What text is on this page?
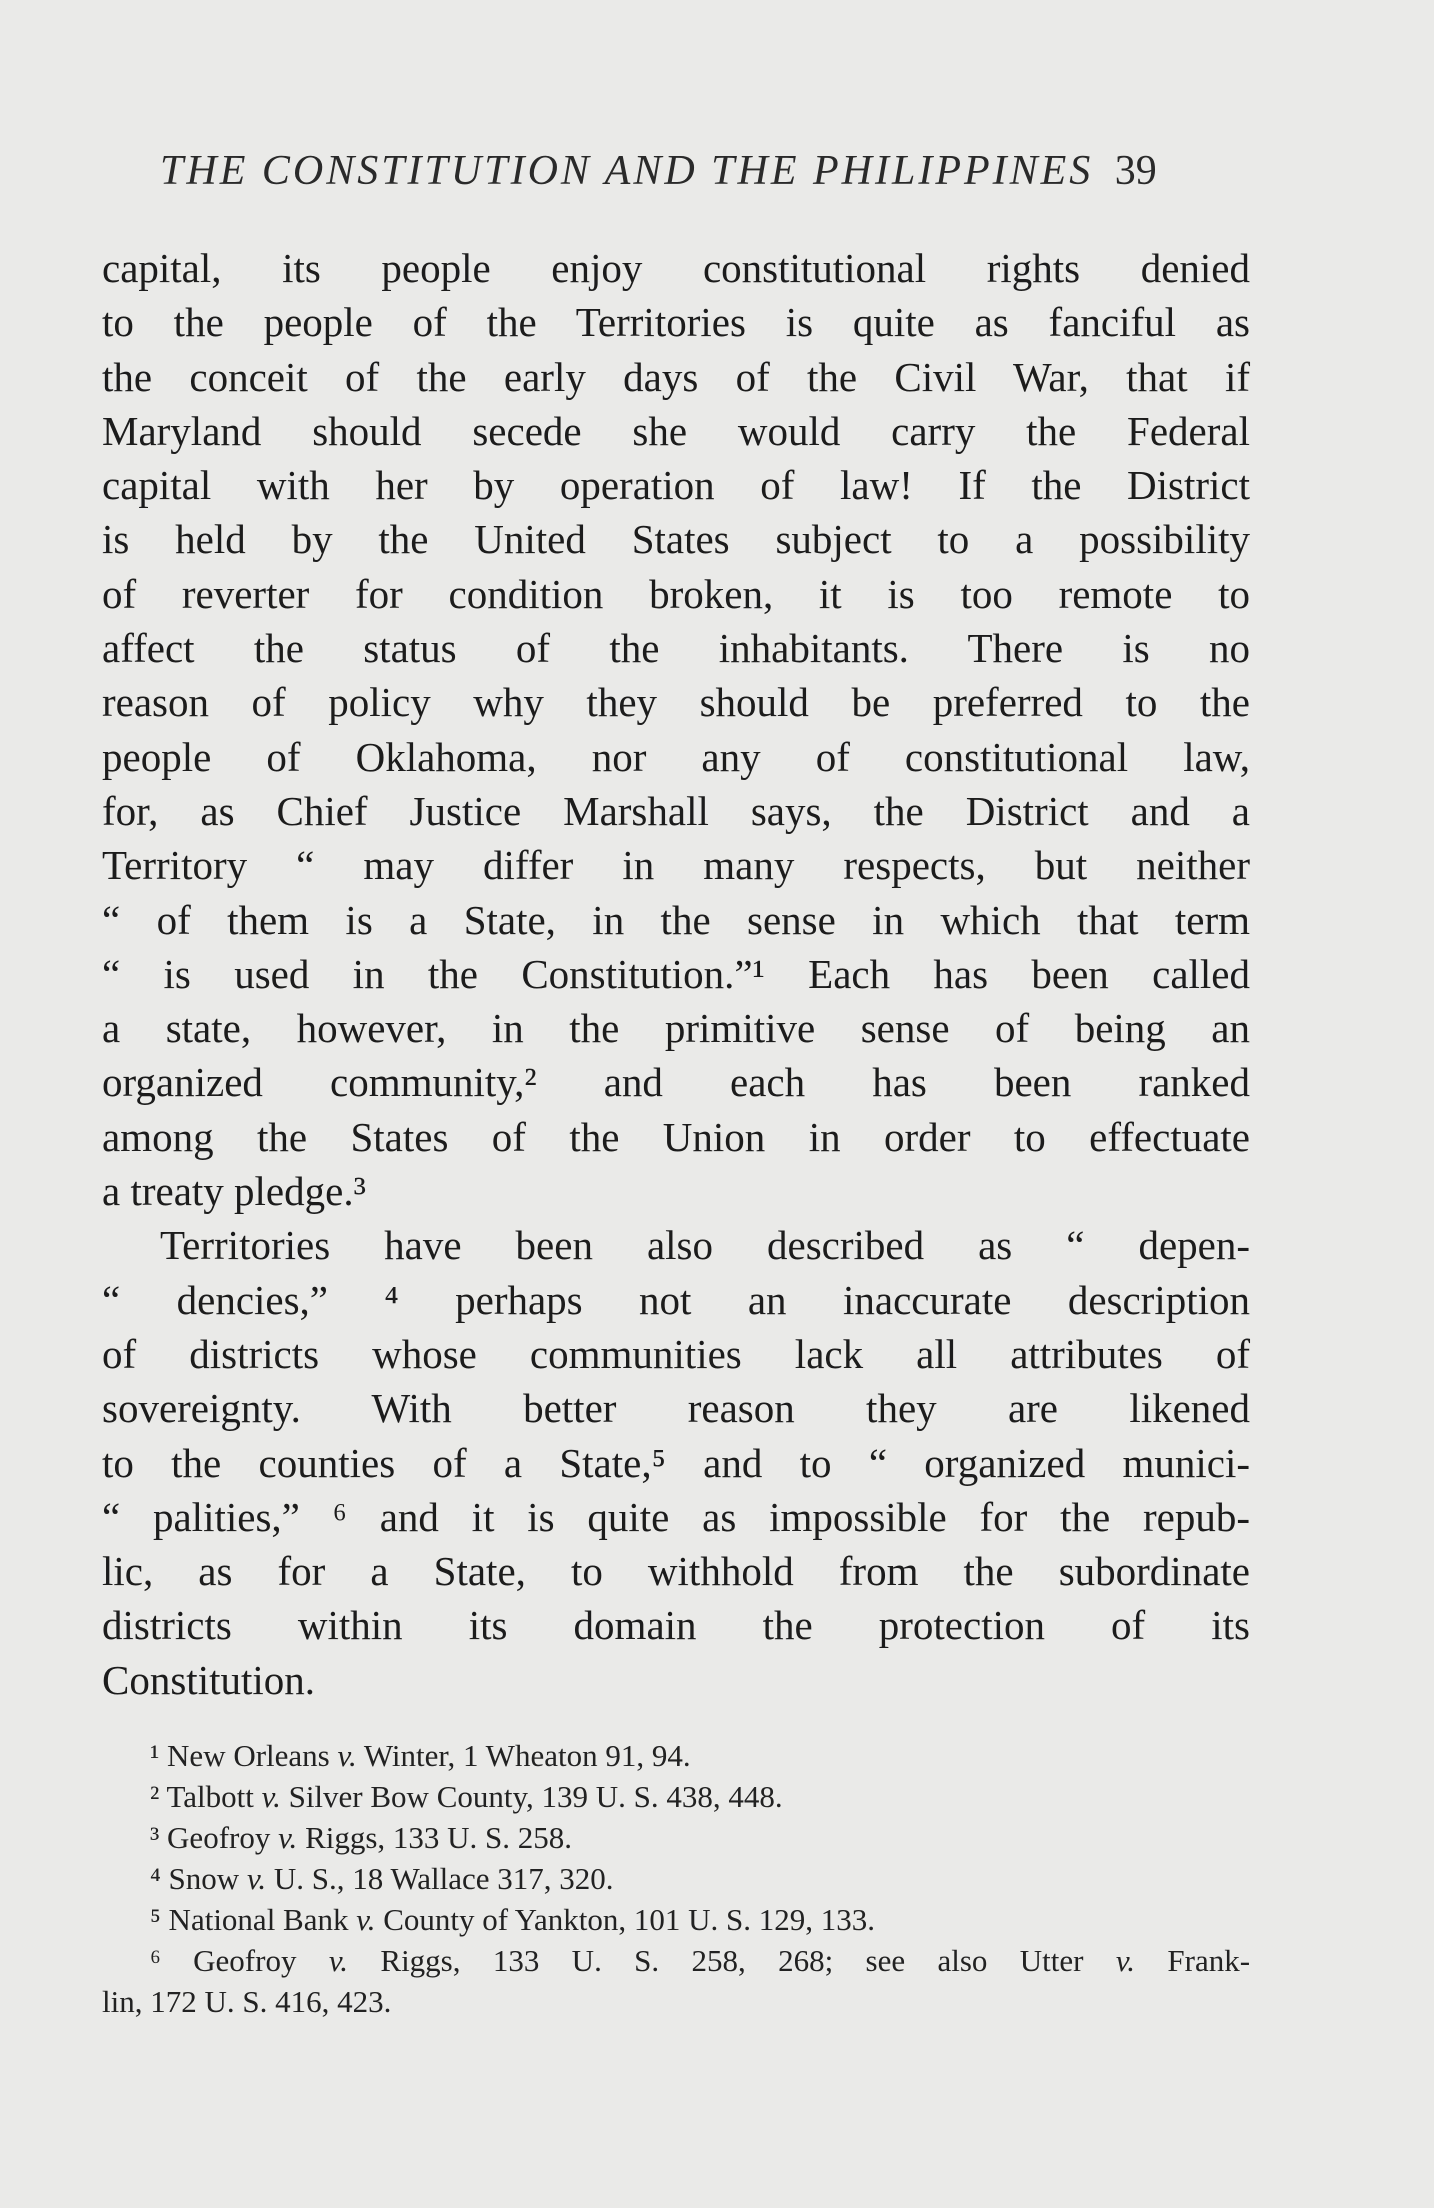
THE CONSTITUTION AND THE PHILIPPINES 39
capital, its people enjoy constitutional rights denied
to the people of the Territories is quite as fanciful as
the conceit of the early days of the Civil War, that if
Maryland should secede she would carry the Federal
capital with her by operation of law! If the District
is held by the United States subject to a possibility
of reverter for condition broken, it is too remote to
affect the status of the inhabitants. There is no
reason of policy why they should be preferred to the
people of Oklahoma, nor any of constitutional law,
for, as Chief Justice Marshall says, the District and a
Territory “ may differ in many respects, but neither
“ of them is a State, in the sense in which that term
“ is used in the Constitution.”¹ Each has been called
a state, however, in the primitive sense of being an
organized community,² and each has been ranked
among the States of the Union in order to effectuate
a treaty pledge.³
Territories have been also described as “ depen-
“ dencies,” ⁴ perhaps not an inaccurate description
of districts whose communities lack all attributes of
sovereignty. With better reason they are likened
to the counties of a State,⁵ and to “ organized munici-
“ palities,” ⁶ and it is quite as impossible for the repub-
lic, as for a State, to withhold from the subordinate
districts within its domain the protection of its
Constitution.
¹ New Orleans v. Winter, 1 Wheaton 91, 94.
² Talbott v. Silver Bow County, 139 U. S. 438, 448.
³ Geofroy v. Riggs, 133 U. S. 258.
⁴ Snow v. U. S., 18 Wallace 317, 320.
⁵ National Bank v. County of Yankton, 101 U. S. 129, 133.
⁶ Geofroy v. Riggs, 133 U. S. 258, 268; see also Utter v. Frank-
lin, 172 U. S. 416, 423.
